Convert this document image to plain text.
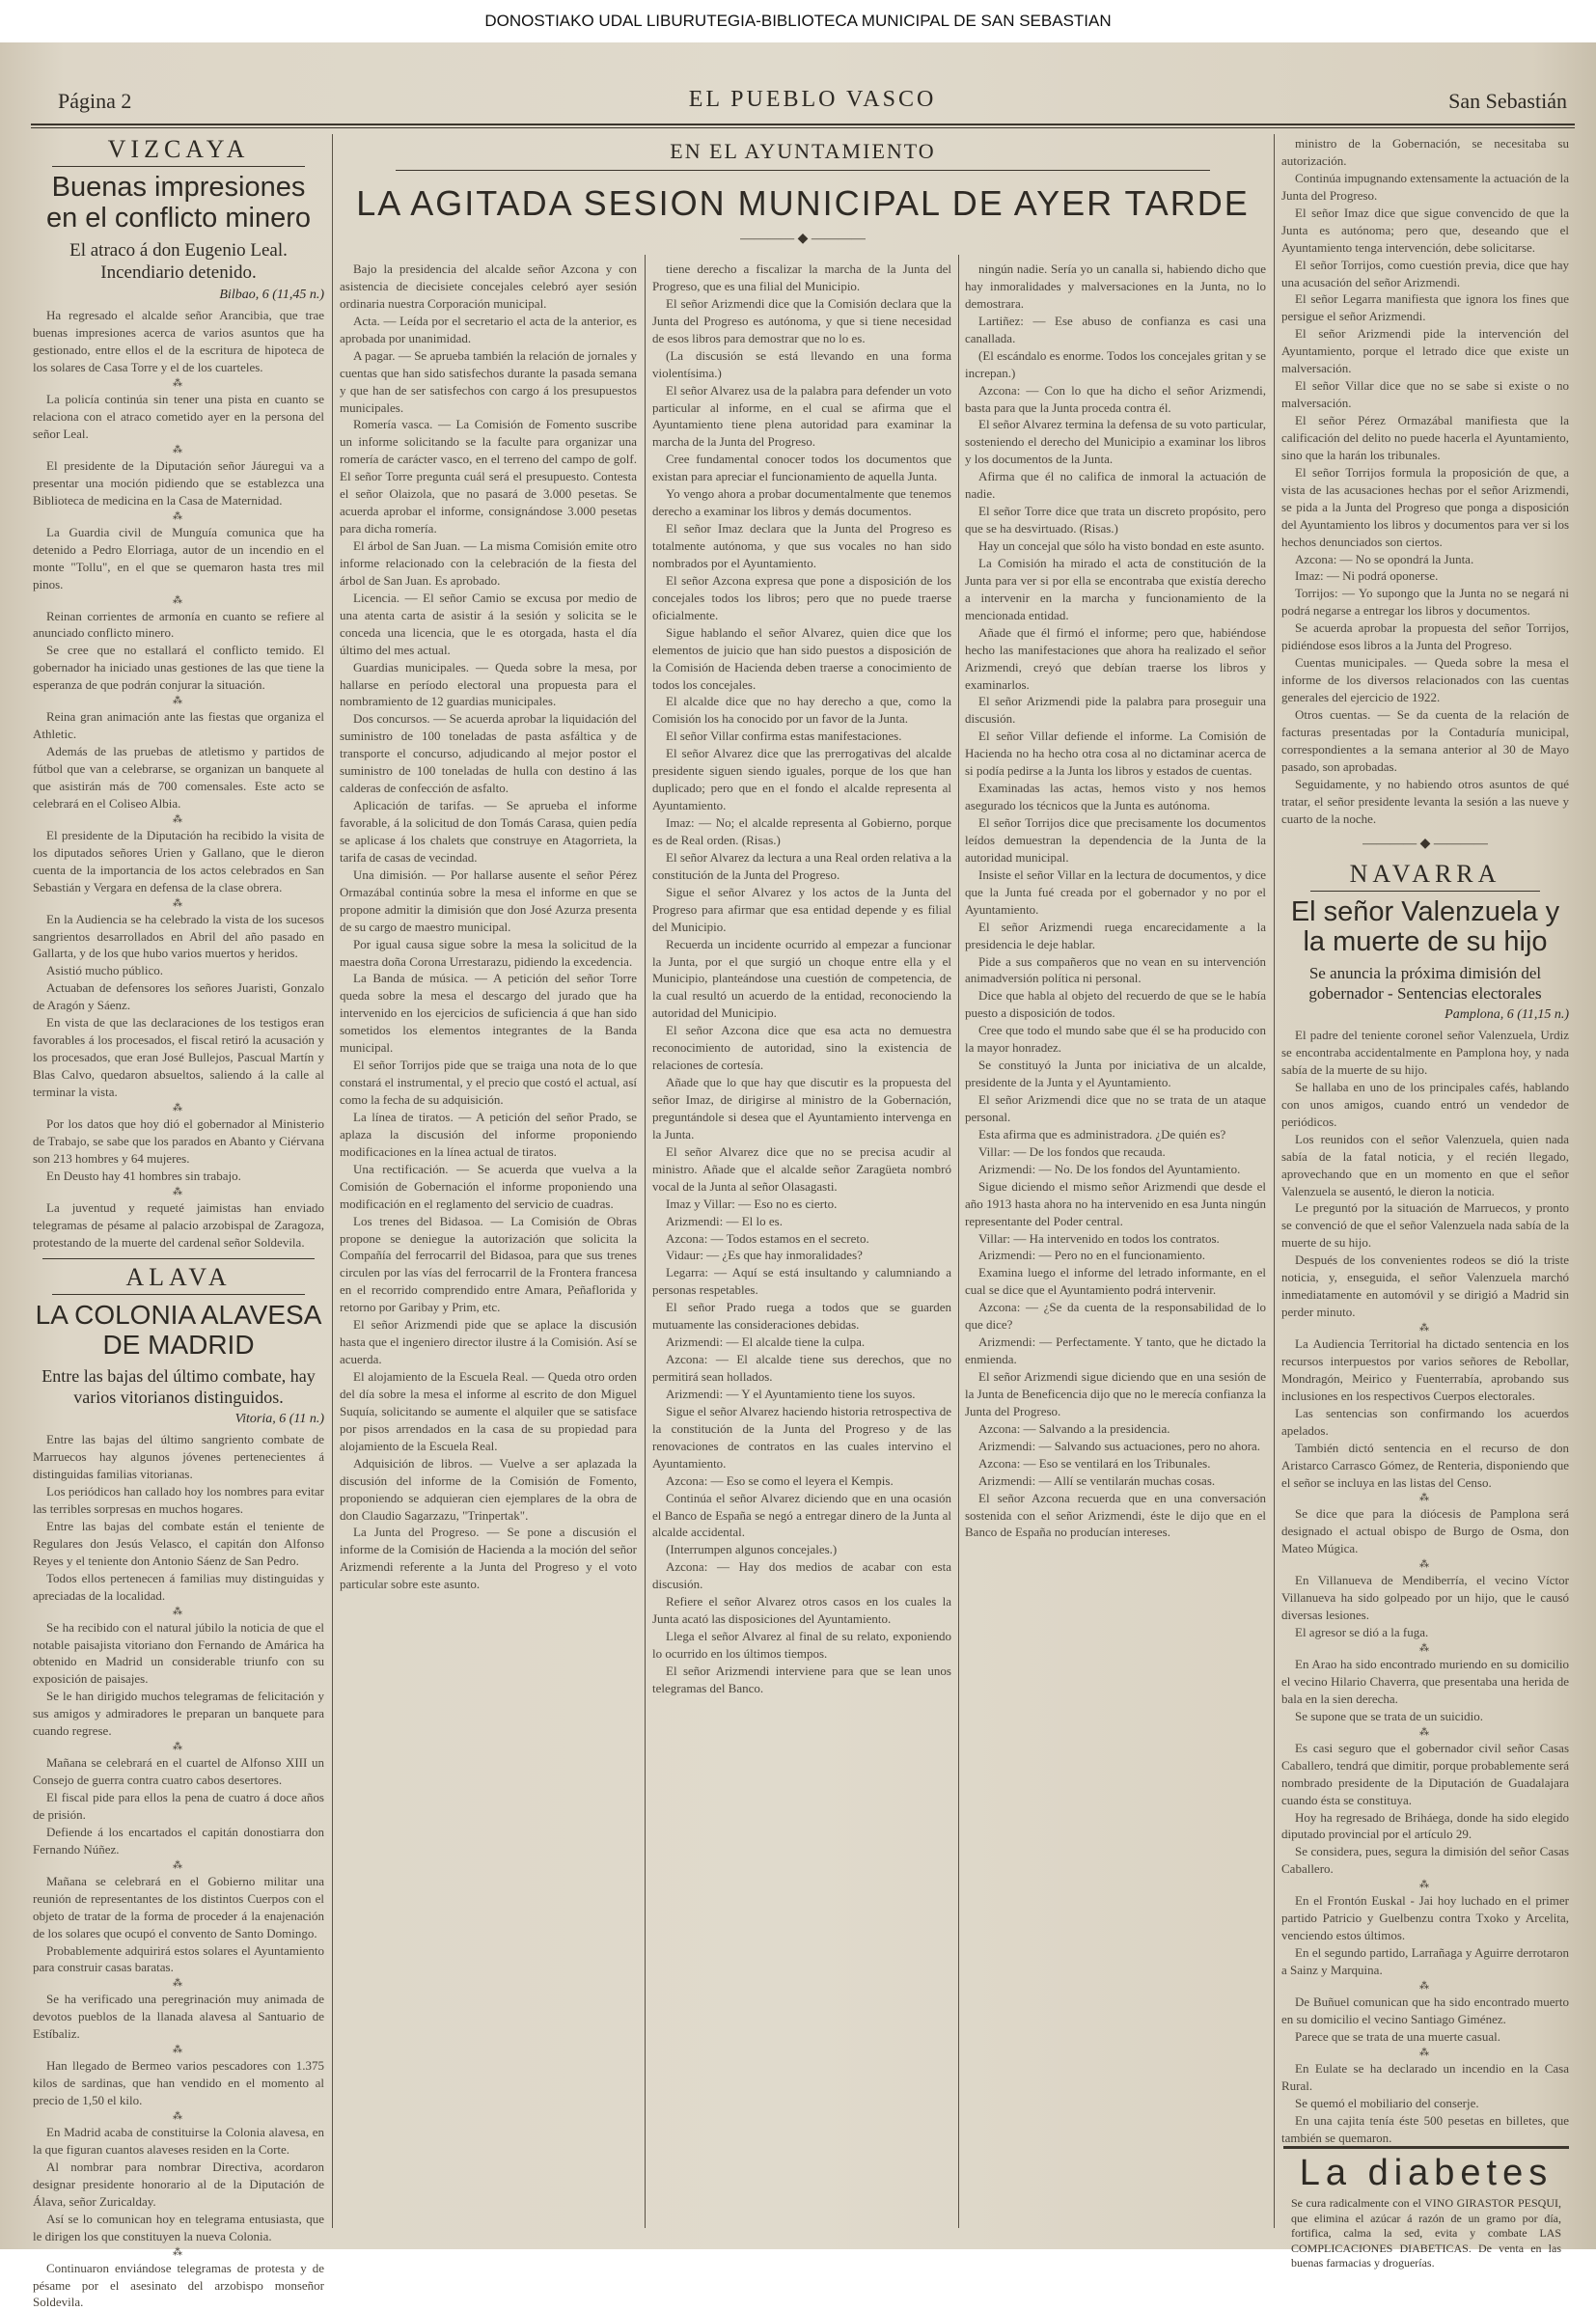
DONOSTIAKO UDAL LIBURUTEGIA-BIBLIOTECA MUNICIPAL DE SAN SEBASTIAN
Página 2	EL PUEBLO VASCO	San Sebastián
VIZCAYA
Buenas impresiones en el conflicto minero
El atraco á don Eugenio Leal. Incendiario detenido.
Bilbao, 6 (11,45 n.)

Ha regresado el alcalde señor Arancibia, que trae buenas impresiones acerca de varios asuntos que ha gestionado, entre ellos el de la escritura de hipoteca de los solares de Casa Torre y el de los cuarteles.

⁂

La policía continúa sin tener una pista en cuanto se relaciona con el atraco cometido ayer en la persona del señor Leal.

⁂

El presidente de la Diputación señor Jáuregui va a presentar una moción pidiendo que se establezca una Biblioteca de medicina en la Casa de Maternidad.

⁂

La Guardia civil de Munguía comunica que ha detenido a Pedro Elorriaga, autor de un incendio en el monte "Tollu", en el que se quemaron hasta tres mil pinos.

⁂

Reinan corrientes de armonía en cuanto se refiere al anunciado conflicto minero.

Se cree que no estallará el conflicto temido. El gobernador ha iniciado unas gestiones de las que tiene la esperanza de que podrán conjurar la situación.

⁂

Reina gran animación ante las fiestas que organiza el Athletic.

Además de las pruebas de atletismo y partidos de fútbol que van a celebrarse, se organizan un banquete al que asistirán más de 700 comensales. Este acto se celebrará en el Coliseo Albia.

⁂

El presidente de la Diputación ha recibido la visita de los diputados señores Urien y Gallano, que le dieron cuenta de la importancia de los actos celebrados en San Sebastián y Vergara en defensa de la clase obrera.

⁂

En la Audiencia se ha celebrado la vista de los sucesos sangrientos desarrollados en Abril del año pasado en Gallarta, y de los que hubo varios muertos y heridos.

Asistió mucho público.

Actuaban de defensores los señores Juaristi, Gonzalo de Aragón y Sáenz.

En vista de que las declaraciones de los testigos eran favorables á los procesados, el fiscal retiró la acusación y los procesados, que eran José Bullejos, Pascual Martín y Blas Calvo, quedaron absueltos, saliendo á la calle al terminar la vista.

⁂

Por los datos que hoy dió el gobernador al Ministerio de Trabajo, se sabe que los parados en Abanto y Ciérvana son 213 hombres y 64 mujeres.

En Deusto hay 41 hombres sin trabajo.

⁂

La juventud y requeté jaimistas han enviado telegramas de pésame al palacio arzobispal de Zaragoza, protestando de la muerte del cardenal señor Soldevila.

ALAVA
LA COLONIA ALAVESA DE MADRID
Entre las bajas del último combate, hay varios vitorianos distinguidos.
Vitoria, 6 (11 n.)

Entre las bajas del último sangriento combate de Marruecos hay algunos jóvenes pertenecientes á distinguidas familias vitorianas.

Los periódicos han callado hoy los nombres para evitar las terribles sorpresas en muchos hogares.

Entre las bajas del combate están el teniente de Regulares don Jesús Velasco, el capitán don Alfonso Reyes y el teniente don Antonio Sáenz de San Pedro.

Todos ellos pertenecen á familias muy distinguidas y apreciadas de la localidad.

⁂

Se ha recibido con el natural júbilo la noticia de que el notable paisajista vitoriano don Fernando de Amárica ha obtenido en Madrid un considerable triunfo con su exposición de paisajes.

Se le han dirigido muchos telegramas de felicitación y sus amigos y admiradores le preparan un banquete para cuando regrese.

⁂

Mañana se celebrará en el cuartel de Alfonso XIII un Consejo de guerra contra cuatro cabos desertores.

El fiscal pide para ellos la pena de cuatro á doce años de prisión.

Defiende á los encartados el capitán donostiarra don Fernando Núñez.

⁂

Mañana se celebrará en el Gobierno militar una reunión de representantes de los distintos Cuerpos con el objeto de tratar de la forma de proceder á la enajenación de los solares que ocupó el convento de Santo Domingo.

Probablemente adquirirá estos solares el Ayuntamiento para construir casas baratas.

⁂

Se ha verificado una peregrinación muy animada de devotos pueblos de la llanada alavesa al Santuario de Estíbaliz.

⁂

Han llegado de Bermeo varios pescadores con 1.375 kilos de sardinas, que han vendido en el momento al precio de 1,50 el kilo.

⁂

En Madrid acaba de constituirse la Colonia alavesa, en la que figuran cuantos alaveses residen en la Corte.

Al nombrar para nombrar Directiva, acordaron designar presidente honorario al de la Diputación de Álava, señor Zuricalday.

Así se lo comunican hoy en telegrama entusiasta, que le dirigen los que constituyen la nueva Colonia.

⁂

Continuaron enviándose telegramas de protesta y de pésame por el asesinato del arzobispo monseñor Soldevila.

EN EL AYUNTAMIENTO
LA AGITADA SESION MUNICIPAL DE AYER TARDE
———— ◆ ————

Bajo la presidencia del alcalde señor Azcona y con asistencia de diecisiete concejales celebró ayer sesión ordinaria nuestra Corporación municipal.

Acta. — Leída por el secretario el acta de la anterior, es aprobada por unanimidad.

A pagar. — Se aprueba también la relación de jornales y cuentas que han sido satisfechos durante la pasada semana y que han de ser satisfechos con cargo á los presupuestos municipales.

Romería vasca. — La Comisión de Fomento suscribe un informe solicitando se la faculte para organizar una romería de carácter vasco, en el terreno del campo de golf. El señor Torre pregunta cuál será el presupuesto. Contesta el señor Olaizola, que no pasará de 3.000 pesetas. Se acuerda aprobar el informe, consignándose 3.000 pesetas para dicha romería.

El árbol de San Juan. — La misma Comisión emite otro informe relacionado con la celebración de la fiesta del árbol de San Juan. Es aprobado.

Licencia. — El señor Camio se excusa por medio de una atenta carta de asistir á la sesión y solicita se le conceda una licencia, que le es otorgada, hasta el día último del mes actual.

Guardias municipales. — Queda sobre la mesa, por hallarse en período electoral una propuesta para el nombramiento de 12 guardias municipales.

Dos concursos. — Se acuerda aprobar la liquidación del suministro de 100 toneladas de pasta asfáltica y de transporte el concurso, adjudicando al mejor postor el suministro de 100 toneladas de hulla con destino á las calderas de confección de asfalto.

Aplicación de tarifas. — Se aprueba el informe favorable, á la solicitud de don Tomás Carasa, quien pedía se aplicase á los chalets que construye en Atagorrieta, la tarifa de casas de vecindad.

Una dimisión. — Por hallarse ausente el señor Pérez Ormazábal continúa sobre la mesa el informe en que se propone admitir la dimisión que don José Azurza presenta de su cargo de maestro municipal.

Por igual causa sigue sobre la mesa la solicitud de la maestra doña Corona Urrestarazu, pidiendo la excedencia.

La Banda de música. — A petición del señor Torre queda sobre la mesa el descargo del jurado que ha intervenido en los ejercicios de suficiencia á que han sido sometidos los elementos integrantes de la Banda municipal.

El señor Torrijos pide que se traiga una nota de lo que constará el instrumental, y el precio que costó el actual, así como la fecha de su adquisición.

La línea de tiratos. — A petición del señor Prado, se aplaza la discusión del informe proponiendo modificaciones en la línea actual de tiratos.

Una rectificación. — Se acuerda que vuelva a la Comisión de Gobernación el informe proponiendo una modificación en el reglamento del servicio de cuadras.

Los trenes del Bidasoa. — La Comisión de Obras propone se deniegue la autorización que solicita la Compañía del ferrocarril del Bidasoa, para que sus trenes circulen por las vías del ferrocarril de la Frontera francesa en el recorrido comprendido entre Amara, Peñaflorida y retorno por Garibay y Prim, etc.

El señor Arizmendi pide que se aplace la discusión hasta que el ingeniero director ilustre á la Comisión. Así se acuerda.

El alojamiento de la Escuela Real. — Queda otro orden del día sobre la mesa el informe al escrito de don Miguel Suquía, solicitando se aumente el alquiler que se satisface por pisos arrendados en la casa de su propiedad para alojamiento de la Escuela Real.

Adquisición de libros. — Vuelve a ser aplazada la discusión del informe de la Comisión de Fomento, proponiendo se adquieran cien ejemplares de la obra de don Claudio Sagarzazu, "Trinpertak".

La Junta del Progreso. — Se pone a discusión el informe de la Comisión de Hacienda a la moción del señor Arizmendi referente a la Junta del Progreso y el voto particular sobre este asunto.

tiene derecho a fiscalizar la marcha de la Junta del Progreso, que es una filial del Municipio.

El señor Arizmendi dice que la Comisión declara que la Junta del Progreso es autónoma, y que si tiene necesidad de esos libros para demostrar que no lo es.

(La discusión se está llevando en una forma violentísima.)

El señor Alvarez usa de la palabra para defender un voto particular al informe, en el cual se afirma que el Ayuntamiento tiene plena autoridad para examinar la marcha de la Junta del Progreso.

Cree fundamental conocer todos los documentos que existan para apreciar el funcionamiento de aquella Junta.

Yo vengo ahora a probar documentalmente que tenemos derecho a examinar los libros y demás documentos.

El señor Imaz declara que la Junta del Progreso es totalmente autónoma, y que sus vocales no han sido nombrados por el Ayuntamiento.

El señor Azcona expresa que pone a disposición de los concejales todos los libros; pero que no puede traerse oficialmente.

Sigue hablando el señor Alvarez, quien dice que los elementos de juicio que han sido puestos a disposición de la Comisión de Hacienda deben traerse a conocimiento de todos los concejales.

El alcalde dice que no hay derecho a que, como la Comisión los ha conocido por un favor de la Junta.

El señor Villar confirma estas manifestaciones.

El señor Alvarez dice que las prerrogativas del alcalde presidente siguen siendo iguales, porque de los que han duplicado; pero que en el fondo el alcalde representa al Ayuntamiento.

Imaz: — No; el alcalde representa al Gobierno, porque es de Real orden. (Risas.)

El señor Alvarez da lectura a una Real orden relativa a la constitución de la Junta del Progreso.

Sigue el señor Alvarez y los actos de la Junta del Progreso para afirmar que esa entidad depende y es filial del Municipio.

Recuerda un incidente ocurrido al empezar a funcionar la Junta, por el que surgió un choque entre ella y el Municipio, planteándose una cuestión de competencia, de la cual resultó un acuerdo de la entidad, reconociendo la autoridad del Municipio.

El señor Azcona dice que esa acta no demuestra reconocimiento de autoridad, sino la existencia de relaciones de cortesía.

Añade que lo que hay que discutir es la propuesta del señor Imaz, de dirigirse al ministro de la Gobernación, preguntándole si desea que el Ayuntamiento intervenga en la Junta.

El señor Alvarez dice que no se precisa acudir al ministro. Añade que el alcalde señor Zaragüeta nombró vocal de la Junta al señor Olasagasti.

Imaz y Villar: — Eso no es cierto.

Arizmendi: — El lo es.

Azcona: — Todos estamos en el secreto.

Vidaur: — ¿Es que hay inmoralidades?

Legarra: — Aquí se está insultando y calumniando a personas respetables.

El señor Prado ruega a todos que se guarden mutuamente las consideraciones debidas.

Arizmendi: — El alcalde tiene la culpa.

Azcona: — El alcalde tiene sus derechos, que no permitirá sean hollados.

Arizmendi: — Y el Ayuntamiento tiene los suyos.

Sigue el señor Alvarez haciendo historia retrospectiva de la constitución de la Junta del Progreso y de las renovaciones de contratos en las cuales intervino el Ayuntamiento.

Azcona: — Eso se como el leyera el Kempis.

Continúa el señor Alvarez diciendo que en una ocasión el Banco de España se negó a entregar dinero de la Junta al alcalde accidental.

(Interrumpen algunos concejales.)

Azcona: — Hay dos medios de acabar con esta discusión.

Refiere el señor Alvarez otros casos en los cuales la Junta acató las disposiciones del Ayuntamiento.

Llega el señor Alvarez al final de su relato, exponiendo lo ocurrido en los últimos tiempos.

El señor Arizmendi interviene para que se lean unos telegramas del Banco.

ningún nadie. Sería yo un canalla si, habiendo dicho que hay inmoralidades y malversaciones en la Junta, no lo demostrara.

Lartiñez: — Ese abuso de confianza es casi una canallada.

(El escándalo es enorme. Todos los concejales gritan y se increpan.)

Azcona: — Con lo que ha dicho el señor Arizmendi, basta para que la Junta proceda contra él.

El señor Alvarez termina la defensa de su voto particular, sosteniendo el derecho del Municipio a examinar los libros y los documentos de la Junta.

Afirma que él no califica de inmoral la actuación de nadie.

El señor Torre dice que trata un discreto propósito, pero que se ha desvirtuado. (Risas.)

Hay un concejal que sólo ha visto bondad en este asunto.

La Comisión ha mirado el acta de constitución de la Junta para ver si por ella se encontraba que existía derecho a intervenir en la marcha y funcionamiento de la mencionada entidad.

Añade que él firmó el informe; pero que, habiéndose hecho las manifestaciones que ahora ha realizado el señor Arizmendi, creyó que debían traerse los libros y examinarlos.

El señor Arizmendi pide la palabra para proseguir una discusión.

El señor Villar defiende el informe. La Comisión de Hacienda no ha hecho otra cosa al no dictaminar acerca de si podía pedirse a la Junta los libros y estados de cuentas.

Examinadas las actas, hemos visto y nos hemos asegurado los técnicos que la Junta es autónoma.

El señor Torrijos dice que precisamente los documentos leídos demuestran la dependencia de la Junta de la autoridad municipal.

Insiste el señor Villar en la lectura de documentos, y dice que la Junta fué creada por el gobernador y no por el Ayuntamiento.

El señor Arizmendi ruega encarecidamente a la presidencia le deje hablar.

Pide a sus compañeros que no vean en su intervención animadversión política ni personal.

Dice que habla al objeto del recuerdo de que se le había puesto a disposición de todos.

Cree que todo el mundo sabe que él se ha producido con la mayor honradez.

Se constituyó la Junta por iniciativa de un alcalde, presidente de la Junta y el Ayuntamiento.

El señor Arizmendi dice que no se trata de un ataque personal.

Esta afirma que es administradora. ¿De quién es?

Villar: — De los fondos que recauda.

Arizmendi: — No. De los fondos del Ayuntamiento.

Sigue diciendo el mismo señor Arizmendi que desde el año 1913 hasta ahora no ha intervenido en esa Junta ningún representante del Poder central.

Villar: — Ha intervenido en todos los contratos.

Arizmendi: — Pero no en el funcionamiento.

Examina luego el informe del letrado informante, en el cual se dice que el Ayuntamiento podrá intervenir.

Azcona: — ¿Se da cuenta de la responsabilidad de lo que dice?

Arizmendi: — Perfectamente. Y tanto, que he dictado la enmienda.

El señor Arizmendi sigue diciendo que en una sesión de la Junta de Beneficencia dijo que no le merecía confianza la Junta del Progreso.

Azcona: — Salvando a la presidencia.

Arizmendi: — Salvando sus actuaciones, pero no ahora.

Azcona: — Eso se ventilará en los Tribunales.

Arizmendi: — Allí se ventilarán muchas cosas.

El señor Azcona recuerda que en una conversación sostenida con el señor Arizmendi, éste le dijo que en el Banco de España no producían intereses.

ministro de la Gobernación, se necesitaba su autorización.

Continúa impugnando extensamente la actuación de la Junta del Progreso.

El señor Imaz dice que sigue convencido de que la Junta es autónoma; pero que, deseando que el Ayuntamiento tenga intervención, debe solicitarse.

El señor Torrijos, como cuestión previa, dice que hay una acusación del señor Arizmendi.

El señor Legarra manifiesta que ignora los fines que persigue el señor Arizmendi.

El señor Arizmendi pide la intervención del Ayuntamiento, porque el letrado dice que existe un malversación.

El señor Villar dice que no se sabe si existe o no malversación.

El señor Pérez Ormazábal manifiesta que la calificación del delito no puede hacerla el Ayuntamiento, sino que la harán los tribunales.

El señor Torrijos formula la proposición de que, a vista de las acusaciones hechas por el señor Arizmendi, se pida a la Junta del Progreso que ponga a disposición del Ayuntamiento los libros y documentos para ver si los hechos denunciados son ciertos.

Azcona: — No se opondrá la Junta.

Imaz: — Ni podrá oponerse.

Torrijos: — Yo supongo que la Junta no se negará ni podrá negarse a entregar los libros y documentos.

Se acuerda aprobar la propuesta del señor Torrijos, pidiéndose esos libros a la Junta del Progreso.

Cuentas municipales. — Queda sobre la mesa el informe de los diversos relacionados con las cuentas generales del ejercicio de 1922.

Otros cuentas. — Se da cuenta de la relación de facturas presentadas por la Contaduría municipal, correspondientes a la semana anterior al 30 de Mayo pasado, son aprobadas.

Seguidamente, y no habiendo otros asuntos de qué tratar, el señor presidente levanta la sesión a las nueve y cuarto de la noche.

———— ◆ ————
NAVARRA
El señor Valenzuela y la muerte de su hijo
Se anuncia la próxima dimisión del gobernador - Sentencias electorales
Pamplona, 6 (11,15 n.)

El padre del teniente coronel señor Valenzuela, Urdiz se encontraba accidentalmente en Pamplona hoy, y nada sabía de la muerte de su hijo.

Se hallaba en uno de los principales cafés, hablando con unos amigos, cuando entró un vendedor de periódicos.

Los reunidos con el señor Valenzuela, quien nada sabía de la fatal noticia, y el recién llegado, aprovechando que en un momento en que el señor Valenzuela se ausentó, le dieron la noticia.

Le preguntó por la situación de Marruecos, y pronto se convenció de que el señor Valenzuela nada sabía de la muerte de su hijo.

Después de los convenientes rodeos se dió la triste noticia, y, enseguida, el señor Valenzuela marchó inmediatamente en automóvil y se dirigió a Madrid sin perder minuto.

⁂

La Audiencia Territorial ha dictado sentencia en los recursos interpuestos por varios señores de Rebollar, Mondragón, Meirico y Fuenterrabía, aprobando sus inclusiones en los respectivos Cuerpos electorales.

Las sentencias son confirmando los acuerdos apelados.

También dictó sentencia en el recurso de don Aristarco Carrasco Gómez, de Renteria, disponiendo que el señor se incluya en las listas del Censo.

⁂

Se dice que para la diócesis de Pamplona será designado el actual obispo de Burgo de Osma, don Mateo Múgica.

⁂

En Villanueva de Mendiberría, el vecino Víctor Villanueva ha sido golpeado por un hijo, que le causó diversas lesiones.

El agresor se dió a la fuga.

⁂

En Arao ha sido encontrado muriendo en su domicilio el vecino Hilario Chaverra, que presentaba una herida de bala en la sien derecha.

Se supone que se trata de un suicidio.

⁂

Es casi seguro que el gobernador civil señor Casas Caballero, tendrá que dimitir, porque probablemente será nombrado presidente de la Diputación de Guadalajara cuando ésta se constituya.

Hoy ha regresado de Briháega, donde ha sido elegido diputado provincial por el artículo 29.

Se considera, pues, segura la dimisión del señor Casas Caballero.

⁂

En el Frontón Euskal - Jai hoy luchado en el primer partido Patricio y Guelbenzu contra Txoko y Arcelita, venciendo estos últimos.

En el segundo partido, Larrañaga y Aguirre derrotaron a Sainz y Marquina.

⁂

De Buñuel comunican que ha sido encontrado muerto en su domicilio el vecino Santiago Giménez.

Parece que se trata de una muerte casual.

⁂

En Eulate se ha declarado un incendio en la Casa Rural.

Se quemó el mobiliario del conserje.

En una cajita tenía éste 500 pesetas en billetes, que también se quemaron.

La diabetes

Se cura radicalmente con el VINO GIRASTOR PESQUI, que elimina el azúcar á razón de un gramo por día, fortifica, calma la sed, evita y combate LAS COMPLICACIONES DIABETICAS. De venta en las buenas farmacias y droguerías.
